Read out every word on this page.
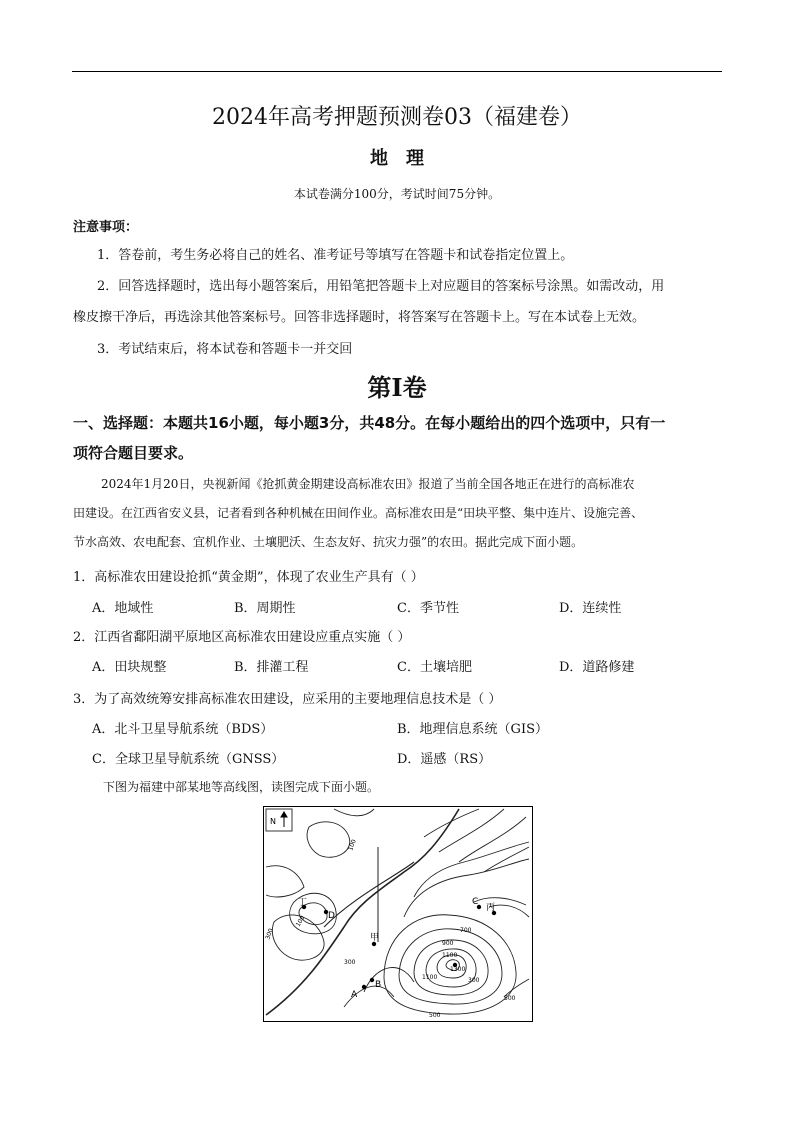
2024年高考押题预测卷03（福建卷）
地理
本试卷满分100分，考试时间75分钟。
注意事项：
1．答卷前，考生务必将自己的姓名、准考证号等填写在答题卡和试卷指定位置上。
2．回答选择题时，选出每小题答案后，用铅笔把答题卡上对应题目的答案标号涂黑。如需改动，用
橡皮擦干净后，再选涂其他答案标号。回答非选择题时，将答案写在答题卡上。写在本试卷上无效。
3．考试结束后，将本试卷和答题卡一并交回
第I卷
一、选择题：本题共16小题，每小题3分，共48分。在每小题给出的四个选项中，只有一
项符合题目要求。
2024年1月20日，央视新闻《抢抓黄金期建设高标准农田》报道了当前全国各地正在进行的高标准农
田建设。在江西省安义县，记者看到各种机械在田间作业。高标准农田是“田块平整、集中连片、设施完善、
节水高效、农电配套、宜机作业、土壤肥沃、生态友好、抗灾力强”的农田。据此完成下面小题。
1．高标准农田建设抢抓“黄金期”，体现了农业生产具有（ ）
A．地域性	B．周期性	C．季节性	D．连续性
2．江西省鄱阳湖平原地区高标准农田建设应重点实施（ ）
A．田块规整	B．排灌工程	C．土壤培肥	D．道路修建
3．为了高效统筹安排高标准农田建设，应采用的主要地理信息技术是（ ）
A．北斗卫星导航系统（BDS）	B．地理信息系统（GIS）
C．全球卫星导航系统（GNSS）	D．遥感（RS）
下图为福建中部某地等高线图，读图完成下面小题。
N
丁
D
甲
A
B
C
丙
100
300
500
700
900
1100
1300
1100
500
300
300
100
